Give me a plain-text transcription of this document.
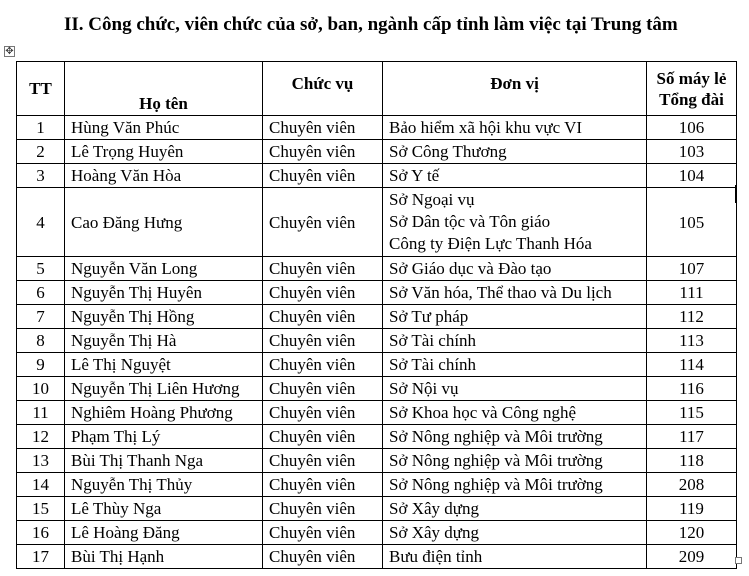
II. Công chức, viên chức của sở, ban, ngành cấp tỉnh làm việc tại Trung tâm
✥
TT	Họ tên	Chức vụ	Đơn vị	Số máy lẻ
Tổng đài

1	Hùng Văn Phúc	Chuyên viên	Bảo hiểm xã hội khu vực VI	106
2	Lê Trọng Huyên	Chuyên viên	Sở Công Thương	103
3	Hoàng Văn Hòa	Chuyên viên	Sở Y tế	104
4	Cao Đăng Hưng	Chuyên viên	Sở Ngoại vụ
Sở Dân tộc và Tôn giáo
Công ty Điện Lực Thanh Hóa	105
5	Nguyễn Văn Long	Chuyên viên	Sở Giáo dục và Đào tạo	107
6	Nguyễn Thị Huyên	Chuyên viên	Sở Văn hóa, Thể thao và Du lịch	111
7	Nguyễn Thị Hồng	Chuyên viên	Sở Tư pháp	112
8	Nguyễn Thị Hà	Chuyên viên	Sở Tài chính	113
9	Lê Thị Nguyệt	Chuyên viên	Sở Tài chính	114
10	Nguyễn Thị Liên Hương	Chuyên viên	Sở Nội vụ	116
11	Nghiêm Hoàng Phương	Chuyên viên	Sở Khoa học và Công nghệ	115
12	Phạm Thị Lý	Chuyên viên	Sở Nông nghiệp và Môi trường	117
13	Bùi Thị Thanh Nga	Chuyên viên	Sở Nông nghiệp và Môi trường	118
14	Nguyễn Thị Thủy	Chuyên viên	Sở Nông nghiệp và Môi trường	208
15	Lê Thùy Nga	Chuyên viên	Sở Xây dựng	119
16	Lê Hoàng Đăng	Chuyên viên	Sở Xây dựng	120
17	Bùi Thị Hạnh	Chuyên viên	Bưu điện tỉnh	209
